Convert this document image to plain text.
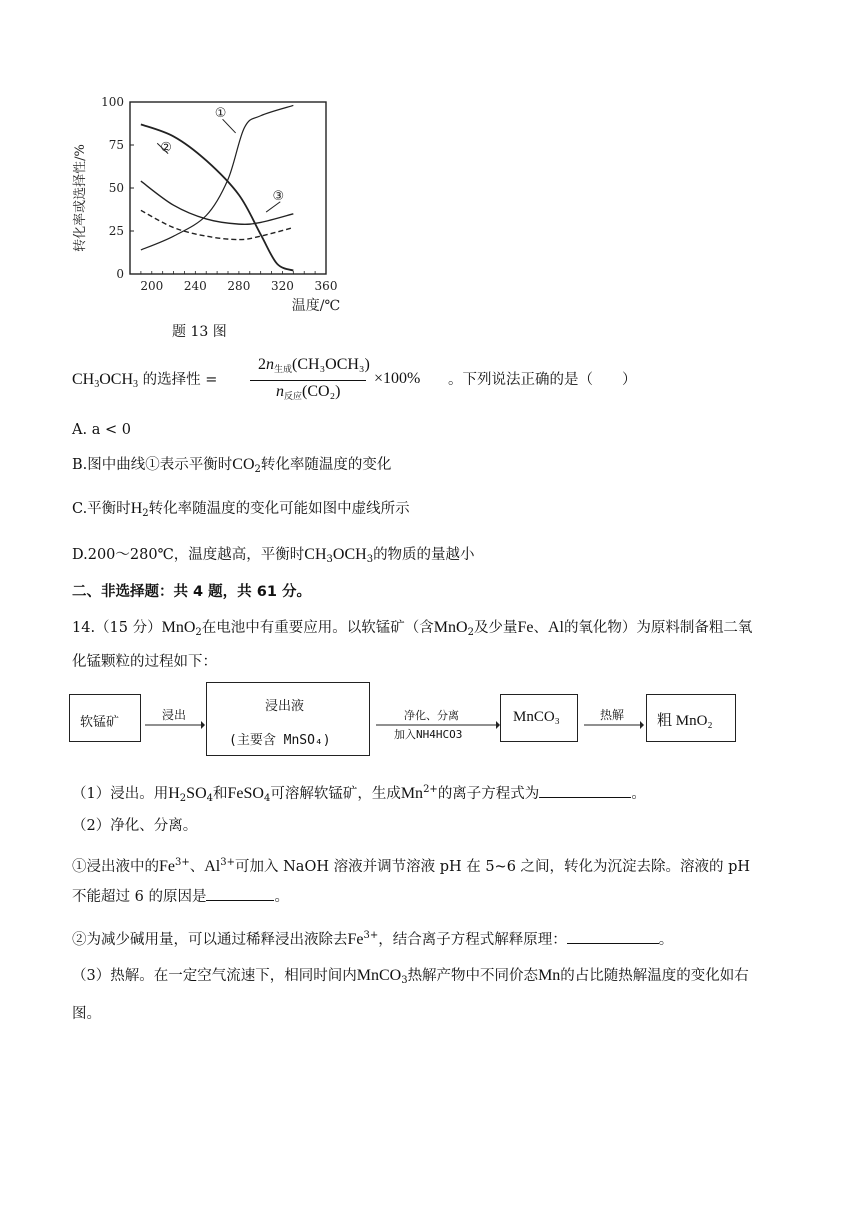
转化率或选择性/%
温度/℃
0
25
50
75
100
200 240 280 320 360
①
②
③
题 13 图
$CH_3OCH_3$ 的选择性 =
$2n_{生成}(CH_3OCH_3)$
$n_{反应}(CO_2)$
×100% 。下列说法正确的是（　　）
A. a < 0
B.图中曲线①表示平衡时$CO_2$转化率随温度的变化
C.平衡时$H_2$转化率随温度的变化可能如图中虚线所示
D.200～280℃，温度越高，平衡时$CH_3OCH_3$的物质的量越小
二、非选择题：共 4 题，共 61 分。
14.（15 分）MnO$_2$在电池中有重要应用。以软锰矿（含MnO$_2$及少量Fe、Al的氧化物）为原料制备粗二氧
化锰颗粒的过程如下：
软锰矿	浸出
浸出液
(主要含 MnSO₄)
净化、分离
加入NH4HCO3
MnCO₃	热解 粗 MnO₂
（1）浸出。用$H_2SO_4$和FeSO$_4$可溶解软锰矿，生成$Mn^{2+}$的离子方程式为	。
（2）净化、分离。
①浸出液中的$Fe^{3+}$、$Al^{3+}$可加入 NaOH 溶液并调节溶液 pH 在 5~6 之间，转化为沉淀去除。溶液的 pH
不能超过 6 的原因是	。
②为减少碱用量，可以通过稀释浸出液除去$Fe^{3+}$，结合离子方程式解释原理：	。
（3）热解。在一定空气流速下，相同时间内MnCO$_3$热解产物中不同价态Mn的占比随热解温度的变化如右
图。
